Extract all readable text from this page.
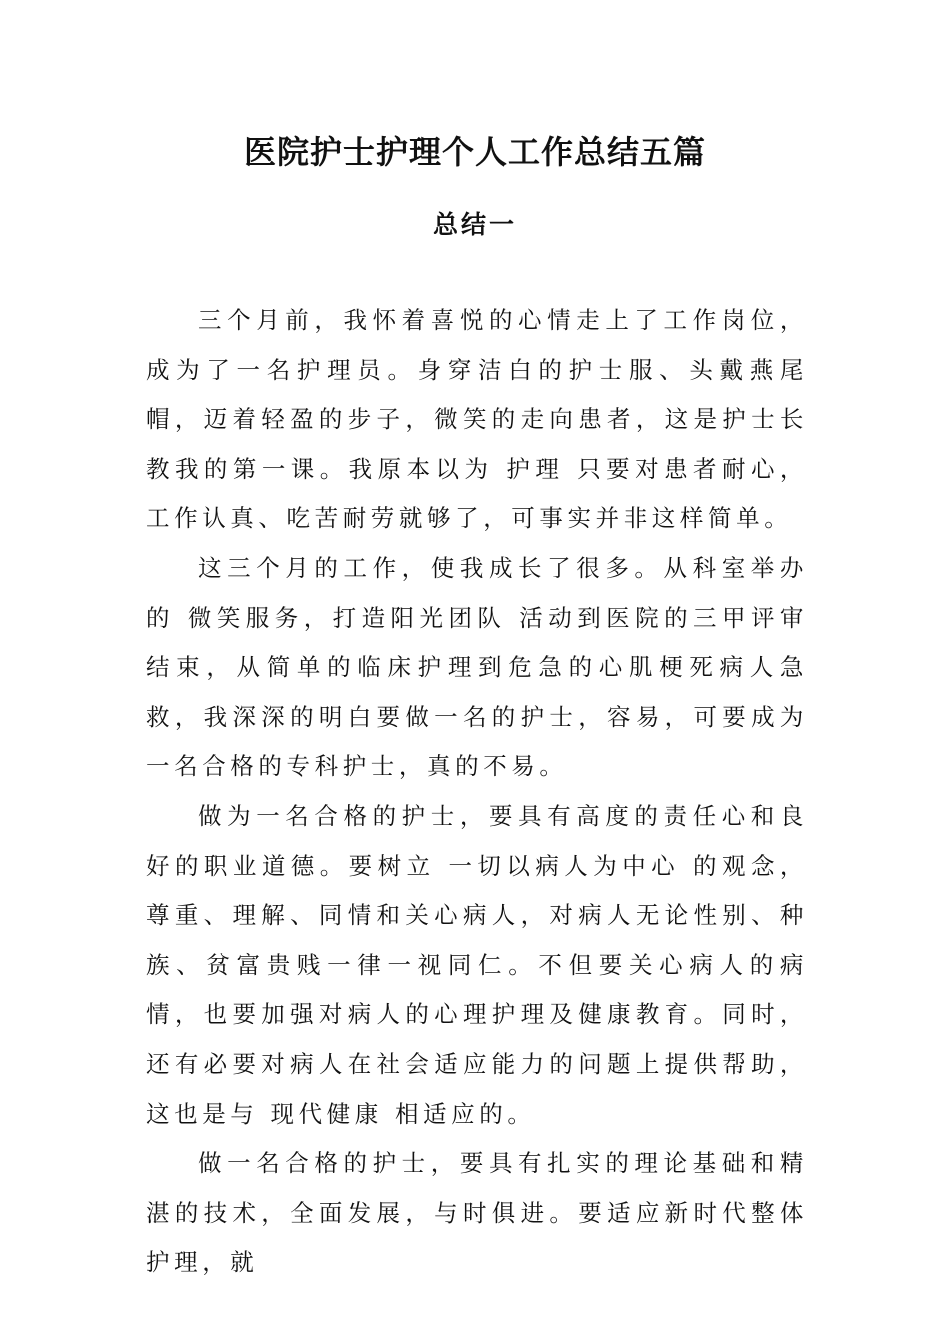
医院护士护理个人工作总结五篇
总结一

三个月前，我怀着喜悦的心情走上了工作岗位，成为了一名护理员。身穿洁白的护士服、头戴燕尾帽，迈着轻盈的步子，微笑的走向患者，这是护士长教我的第一课。我原本以为 护理 只要对患者耐心，工作认真、吃苦耐劳就够了，可事实并非这样简单。

这三个月的工作，使我成长了很多。从科室举办的 微笑服务，打造阳光团队 活动到医院的三甲评审结束，从简单的临床护理到危急的心肌梗死病人急救，我深深的明白要做一名的护士，容易，可要成为一名合格的专科护士，真的不易。

做为一名合格的护士，要具有高度的责任心和良好的职业道德。要树立 一切以病人为中心 的观念，尊重、理解、同情和关心病人，对病人无论性别、种族、贫富贵贱一律一视同仁。不但要关心病人的病情，也要加强对病人的心理护理及健康教育。同时，还有必要对病人在社会适应能力的问题上提供帮助，这也是与 现代健康 相适应的。

做一名合格的护士，要具有扎实的理论基础和精湛的技术，全面发展，与时俱进。要适应新时代整体护理，就
